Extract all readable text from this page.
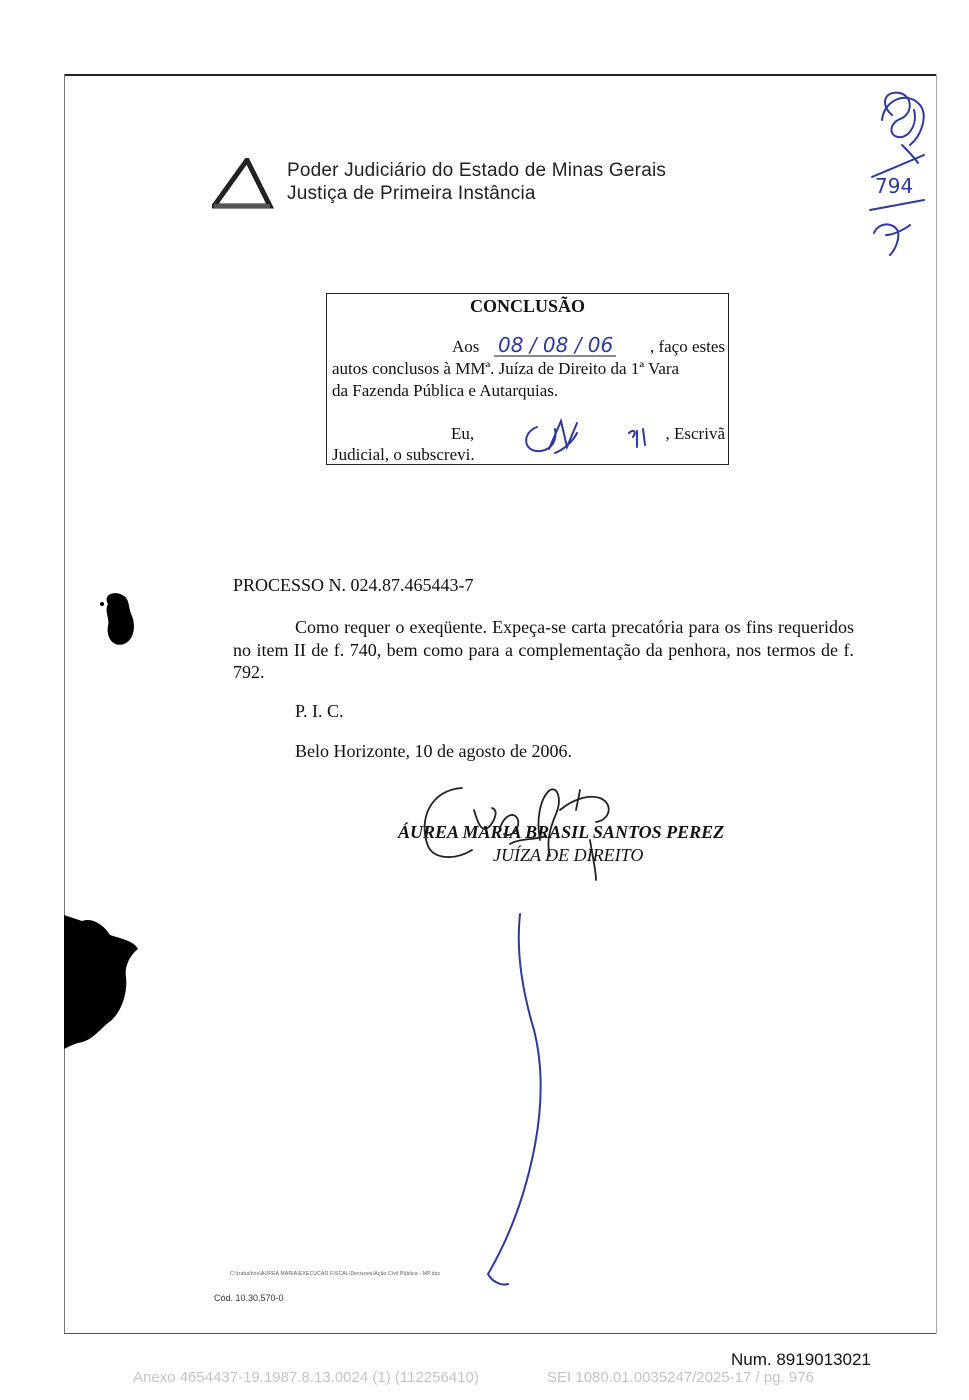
Poder Judiciário do Estado de Minas Gerais
Justiça de Primeira Instância	794
CONCLUSÃO
Aos 08 / 08 / 06	, faço estes
autos conclusos à MMª. Juíza de Direito da 1ª Vara
da Fazenda Pública e Autarquias.
Eu,	, Escrivã
Judicial, o subscrevi.
PROCESSO N. 024.87.465443-7
Como requer o exeqüente. Expeça-se carta precatória para os fins requeridos no item II de f. 740, bem como para a complementação da penhora, nos termos de f. 792.
P. I. C.
Belo Horizonte, 10 de agosto de 2006.
ÁUREA MARIA BRASIL SANTOS PEREZ
JUÍZA DE DIREITO
C:\trabalhos\AUREA MARIA\EXECUCAO FISCAL\Decisoes\Ação Civil Pública - MP.doc
Cód. 10.30.570-0
Num. 8919013021
Anexo 4654437-19.1987.8.13.0024 (1) (112256410)	SEI 1080.01.0035247/2025-17 / pg. 976
